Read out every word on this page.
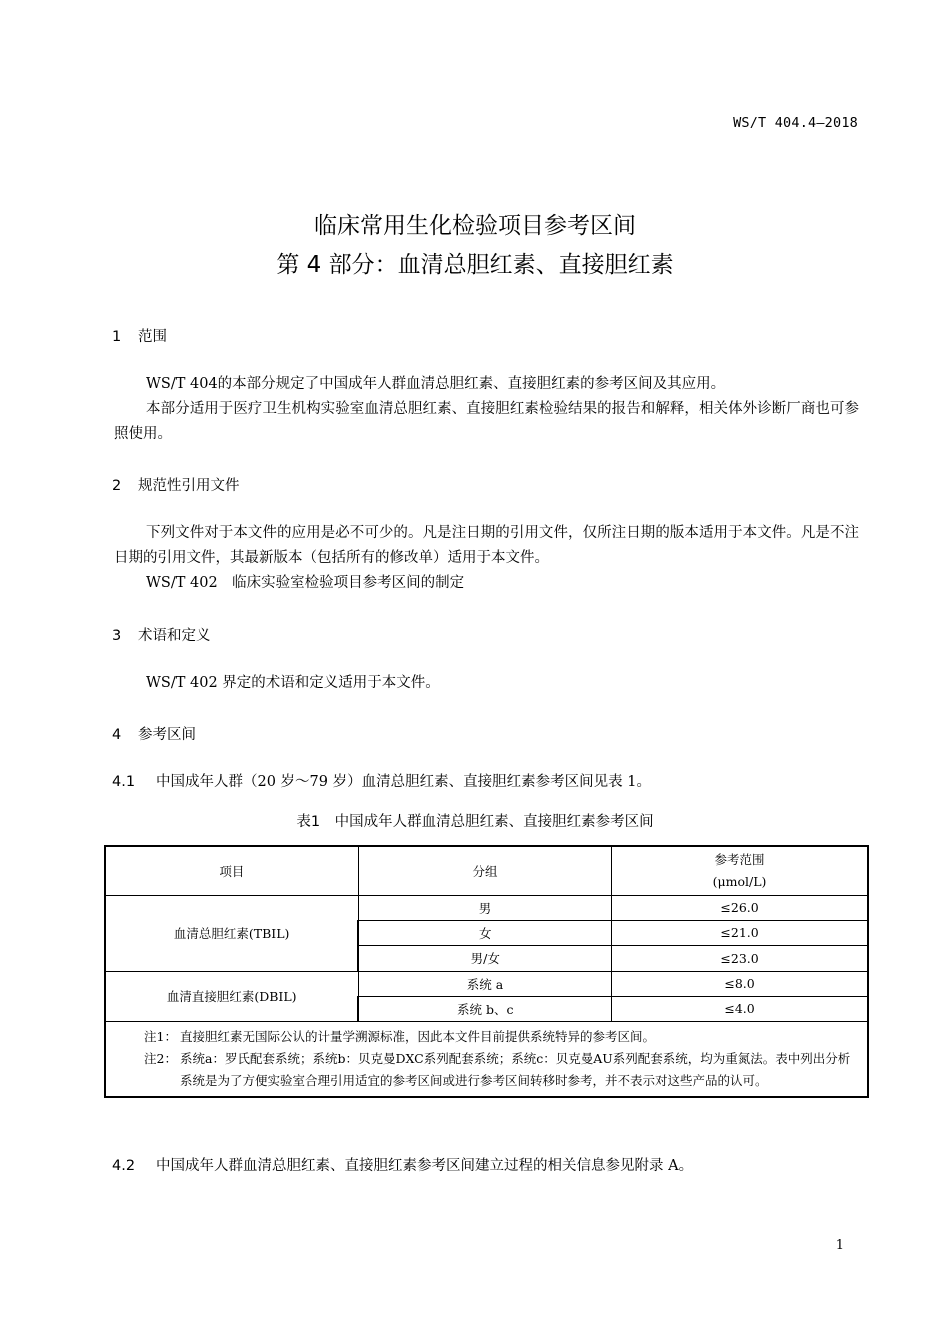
WS/T 404.4—2018
临床常用生化检验项目参考区间
第 4 部分：血清总胆红素、直接胆红素
1 范围
WS/T 404的本部分规定了中国成年人群血清总胆红素、直接胆红素的参考区间及其应用。
本部分适用于医疗卫生机构实验室血清总胆红素、直接胆红素检验结果的报告和解释，相关体外诊断厂商也可参照使用。
2 规范性引用文件
下列文件对于本文件的应用是必不可少的。凡是注日期的引用文件，仅所注日期的版本适用于本文件。凡是不注日期的引用文件，其最新版本（包括所有的修改单）适用于本文件。
WS/T 402　临床实验室检验项目参考区间的制定
3 术语和定义
WS/T 402 界定的术语和定义适用于本文件。
4 参考区间
4.1 中国成年人群（20 岁～79 岁）血清总胆红素、直接胆红素参考区间见表 1。
表1　中国成年人群血清总胆红素、直接胆红素参考区间
项目	分组	参考范围
(μmol/L)

血清总胆红素(TBIL)	男	≤26.0
	女	≤21.0
	男/女	≤23.0
血清直接胆红素(DBIL)	系统 a	≤8.0
	系统 b、c	≤4.0

注1： 直接胆红素无国际公认的计量学溯源标准，因此本文件目前提供系统特异的参考区间。
注2： 系统a：罗氏配套系统；系统b：贝克曼DXC系列配套系统；系统c：贝克曼AU系列配套系统，均为重氮法。表中列出分析系统是为了方便实验室合理引用适宜的参考区间或进行参考区间转移时参考，并不表示对这些产品的认可。		
4.2 中国成年人群血清总胆红素、直接胆红素参考区间建立过程的相关信息参见附录 A。
1
